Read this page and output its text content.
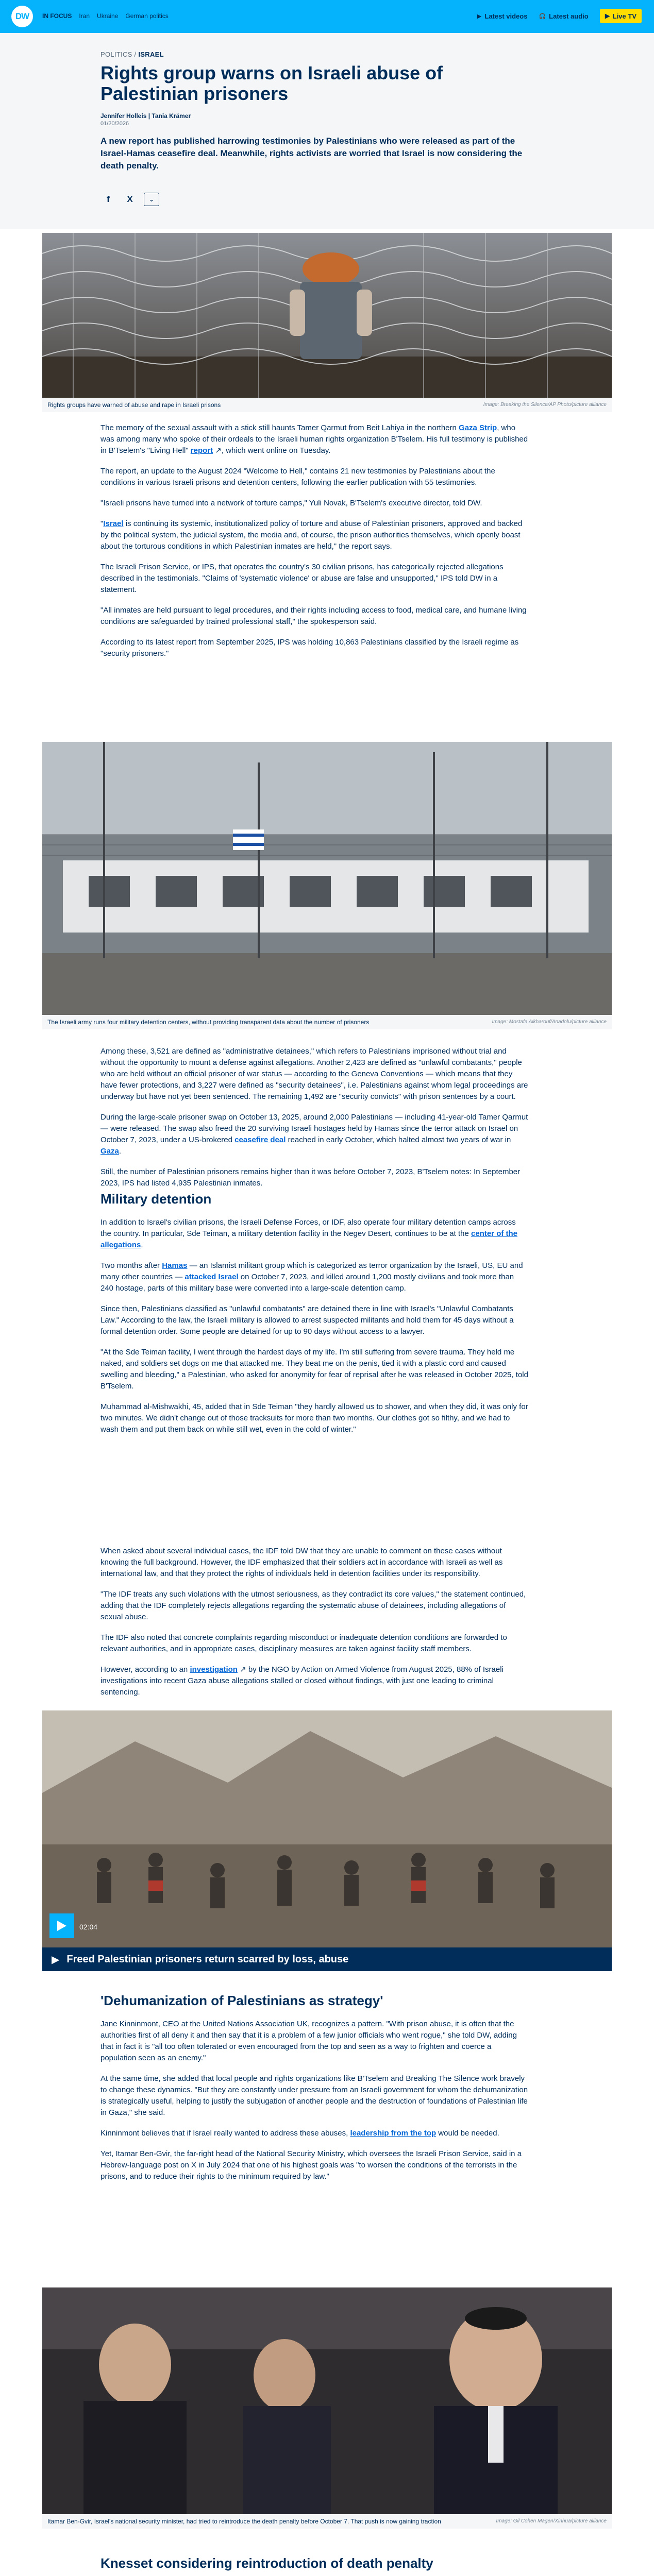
DW	IN FOCUS Iran Ukraine German politics	▶ Latest videos 🎧 Latest audio ▶ Live TV
POLITICS / ISRAEL
Rights group warns on Israeli abuse of Palestinian prisoners
Jennifer Holleis | Tania Krämer
01/20/2026
A new report has published harrowing testimonies by Palestinians who were released as part of the Israel-Hamas ceasefire deal. Meanwhile, rights activists are worried that Israel is now considering the death penalty.
f	X	⌄
Rights groups have warned of abuse and rape in Israeli prisons	Image: Breaking the Silence/AP Photo/picture alliance

The memory of the sexual assault with a stick still haunts Tamer Qarmut from Beit Lahiya in the northern Gaza Strip, who was among many who spoke of their ordeals to the Israeli human rights organization B'Tselem. His full testimony is published in B'Tselem's "Living Hell" report ↗, which went online on Tuesday.

The report, an update to the August 2024 "Welcome to Hell," contains 21 new testimonies by Palestinians about the conditions in various Israeli prisons and detention centers, following the earlier publication with 55 testimonies.

"Israeli prisons have turned into a network of torture camps," Yuli Novak, B'Tselem's executive director, told DW.

"Israel is continuing its systemic, institutionalized policy of torture and abuse of Palestinian prisoners, approved and backed by the political system, the judicial system, the media and, of course, the prison authorities themselves, which openly boast about the torturous conditions in which Palestinian inmates are held," the report says.

The Israeli Prison Service, or IPS, that operates the country's 30 civilian prisons, has categorically rejected allegations described in the testimonials. "Claims of 'systematic violence' or abuse are false and unsupported," IPS told DW in a statement.

"All inmates are held pursuant to legal procedures, and their rights including access to food, medical care, and humane living conditions are safeguarded by trained professional staff," the spokesperson said.

According to its latest report from September 2025, IPS was holding 10,863 Palestinians classified by the Israeli regime as "security prisoners."

The Israeli army runs four military detention centers, without providing transparent data about the number of prisoners	Image: Mostafa Alkharouf/Anadolu/picture alliance

Among these, 3,521 are defined as "administrative detainees," which refers to Palestinians imprisoned without trial and without the opportunity to mount a defense against allegations. Another 2,423 are defined as "unlawful combatants," people who are held without an official prisoner of war status — according to the Geneva Conventions — which means that they have fewer protections, and 3,227 were defined as "security detainees", i.e. Palestinians against whom legal proceedings are underway but have not yet been sentenced. The remaining 1,492 are "security convicts" with prison sentences by a court.

During the large-scale prisoner swap on October 13, 2025, around 2,000 Palestinians — including 41-year-old Tamer Qarmut — were released. The swap also freed the 20 surviving Israeli hostages held by Hamas since the terror attack on Israel on October 7, 2023, under a US-brokered ceasefire deal reached in early October, which halted almost two years of war in Gaza.

Still, the number of Palestinian prisoners remains higher than it was before October 7, 2023, B'Tselem notes: In September 2023, IPS had listed 4,935 Palestinian inmates.

Military detention

In addition to Israel's civilian prisons, the Israeli Defense Forces, or IDF, also operate four military detention camps across the country. In particular, Sde Teiman, a military detention facility in the Negev Desert, continues to be at the center of the allegations.

Two months after Hamas — an Islamist militant group which is categorized as terror organization by the Israeli, US, EU and many other countries — attacked Israel on October 7, 2023, and killed around 1,200 mostly civilians and took more than 240 hostage, parts of this military base were converted into a large-scale detention camp.

Since then, Palestinians classified as "unlawful combatants" are detained there in line with Israel's "Unlawful Combatants Law." According to the law, the Israeli military is allowed to arrest suspected militants and hold them for 45 days without a formal detention order. Some people are detained for up to 90 days without access to a lawyer.

"At the Sde Teiman facility, I went through the hardest days of my life. I'm still suffering from severe trauma. They held me naked, and soldiers set dogs on me that attacked me. They beat me on the penis, tied it with a plastic cord and caused swelling and bleeding," a Palestinian, who asked for anonymity for fear of reprisal after he was released in October 2025, told B'Tselem.

Muhammad al-Mishwakhi, 45, added that in Sde Teiman "they hardly allowed us to shower, and when they did, it was only for two minutes. We didn't change out of those tracksuits for more than two months. Our clothes got so filthy, and we had to wash them and put them back on while still wet, even in the cold of winter."

When asked about several individual cases, the IDF told DW that they are unable to comment on these cases without knowing the full background. However, the IDF emphasized that their soldiers act in accordance with Israeli as well as international law, and that they protect the rights of individuals held in detention facilities under its responsibility.

"The IDF treats any such violations with the utmost seriousness, as they contradict its core values," the statement continued, adding that the IDF completely rejects allegations regarding the systematic abuse of detainees, including allegations of sexual abuse.

The IDF also noted that concrete complaints regarding misconduct or inadequate detention conditions are forwarded to relevant authorities, and in appropriate cases, disciplinary measures are taken against facility staff members.

However, according to an investigation ↗ by the NGO by Action on Armed Violence from August 2025, 88% of Israeli investigations into recent Gaza abuse allegations stalled or closed without findings, with just one leading to criminal sentencing.

02:04
▶ Freed Palestinian prisoners return scarred by loss, abuse
'Dehumanization of Palestinians as strategy'

Jane Kinninmont, CEO at the United Nations Association UK, recognizes a pattern. "With prison abuse, it is often that the authorities first of all deny it and then say that it is a problem of a few junior officials who went rogue," she told DW, adding that in fact it is "all too often tolerated or even encouraged from the top and seen as a way to frighten and coerce a population seen as an enemy."

At the same time, she added that local people and rights organizations like B'Tselem and Breaking The Silence work bravely to change these dynamics. "But they are constantly under pressure from an Israeli government for whom the dehumanization is strategically useful, helping to justify the subjugation of another people and the destruction of foundations of Palestinian life in Gaza," she said.

Kinninmont believes that if Israel really wanted to address these abuses, leadership from the top would be needed.

Yet, Itamar Ben-Gvir, the far-right head of the National Security Ministry, which oversees the Israeli Prison Service, said in a Hebrew-language post on X in July 2024 that one of his highest goals was "to worsen the conditions of the terrorists in the prisons, and to reduce their rights to the minimum required by law."

Itamar Ben-Gvir, Israel's national security minister, had tried to reintroduce the death penalty before October 7. That push is now gaining traction	Image: Gil Cohen Magen/Xinhua/picture alliance
Knesset considering reintroduction of death penalty
